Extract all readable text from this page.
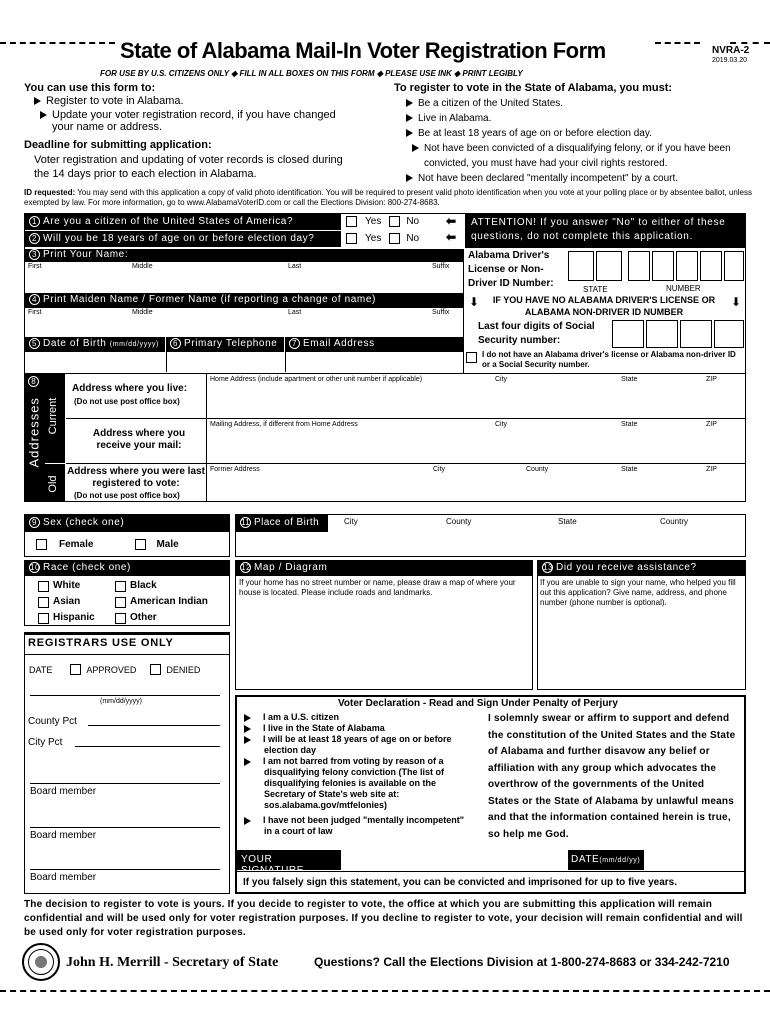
State of Alabama Mail-In Voter Registration Form	NVRA-2
2019.03.20
FOR USE BY U.S. CITIZENS ONLY ◆ FILL IN ALL BOXES ON THIS FORM ◆ PLEASE USE INK ◆ PRINT LEGIBLY
You can use this form to:
Register to vote in Alabama.
Update your voter registration record, if you have changed your name or address.
Deadline for submitting application:
Voter registration and updating of voter records is closed during the 14 days prior to each election in Alabama.
To register to vote in the State of Alabama, you must:
Be a citizen of the United States.
Live in Alabama.
Be at least 18 years of age on or before election day.
Not have been convicted of a disqualifying felony, or if you have been convicted, you must have had your civil rights restored.
Not have been declared "mentally incompetent" by a court.
ID requested: You may send with this application a copy of valid photo identification. You will be required to present valid photo identification when you vote at your polling place or by absentee ballot, unless exempted by law. For more information, go to www.AlabamaVoterID.com or call the Elections Division: 800-274-8683.
1 Are you a citizen of the United States of America?
2 Will you be 18 years of age on or before election day?
Yes	No
Yes	No
⬅
⬅
ATTENTION! If you answer "No" to either of these questions, do not complete this application.
3 Print Your Name:
First	Middle	Last	Suffix
4 Print Maiden Name / Former Name (if reporting a change of name)
First	Middle	Last	Suffix
5 Date of Birth (mm/dd/yyyy)	6 Primary Telephone	7 Email Address
Alabama Driver's License or Non-Driver ID Number:
STATE	NUMBER
⬇	⬇
IF YOU HAVE NO ALABAMA DRIVER'S LICENSE OR ALABAMA NON-DRIVER ID NUMBER
Last four digits of Social Security number:
I do not have an Alabama driver's license or Alabama non-driver ID or a Social Security number.
8
Addresses Current
Old
Address where you live:
(Do not use post office box)
Home Address (include apartment or other unit number if applicable)	City	State	ZIP
Address where you receive your mail:
Mailing Address, if different from Home Address	City	State	ZIP
Address where you were last registered to vote:
(Do not use post office box)
Former Address	City	County	State	ZIP
9 Sex (check one)
Female	Male
11 Place of Birth	City	County	State	Country
10 Race (check one)
White	Black
Asian	American Indian
Hispanic	Other
12 Map / Diagram
If your home has no street number or name, please draw a map of where your house is located. Please include roads and landmarks.
13 Did you receive assistance?
If you are unable to sign your name, who helped you fill out this application? Give name, address, and phone number (phone number is optional).
REGISTRARS USE ONLY
DATE	APPROVED	DENIED
(mm/dd/yyyy)
County Pct
City Pct
Board member
Board member
Board member
Voter Declaration - Read and Sign Under Penalty of Perjury
I am a U.S. citizen
I live in the State of Alabama
I will be at least 18 years of age on or before election day
I am not barred from voting by reason of a disqualifying felony conviction (The list of disqualifying felonies is available on the Secretary of State's web site at: sos.alabama.gov/mtfelonies)
I have not been judged "mentally incompetent" in a court of law
I solemnly swear or affirm to support and defend the constitution of the United States and the State of Alabama and further disavow any belief or affiliation with any group which advocates the overthrow of the governments of the United States or the State of Alabama by unlawful means and that the information contained herein is true, so help me God.
YOUR SIGNATURE
DATE(mm/dd/yy)
If you falsely sign this statement, you can be convicted and imprisoned for up to five years.
The decision to register to vote is yours. If you decide to register to vote, the office at which you are submitting this application will remain confidential and will be used only for voter registration purposes. If you decline to register to vote, your decision will remain confidential and will be used only for voter registration purposes.
John H. Merrill - Secretary of State	Questions? Call the Elections Division at 1-800-274-8683 or 334-242-7210
